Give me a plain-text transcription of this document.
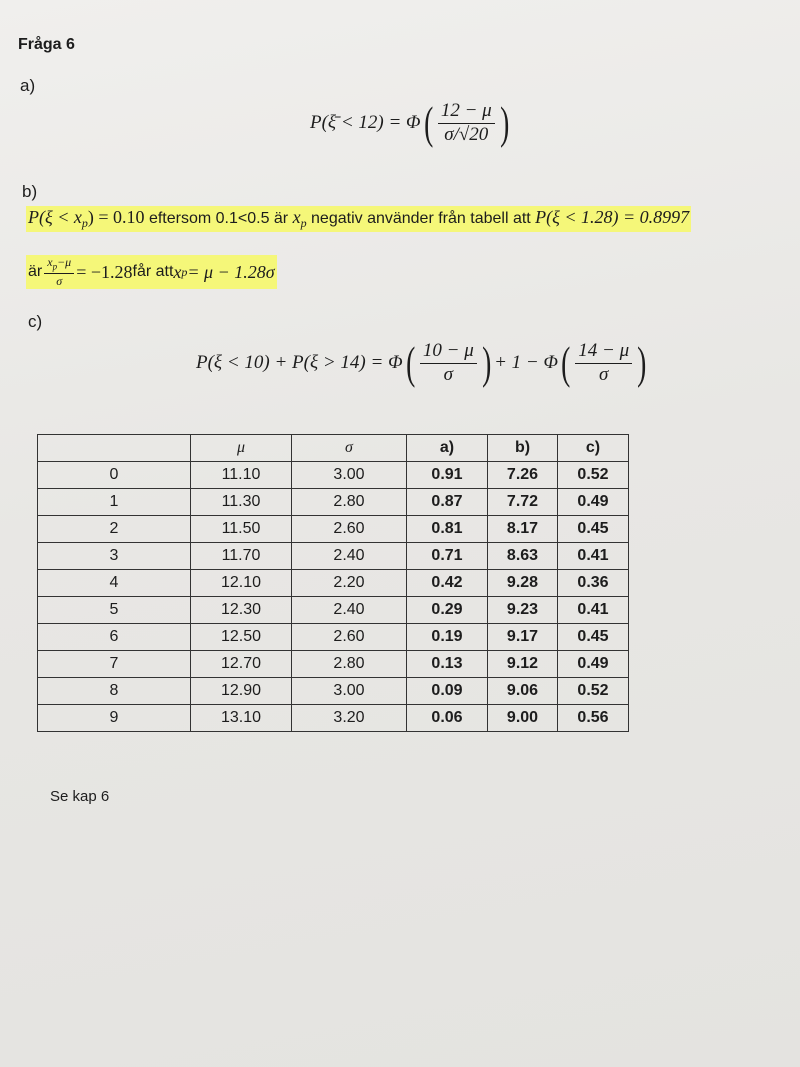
Fråga 6
a)
P(ξ̄ < 12) = Φ ( $\frac{12 - \mu}{\sigma/√20}$ )
b)
$P(\xi < x_p) = 0.10$ eftersom 0.1<0.5 är $x_p$ negativ använder från tabell att P(ξ < 1.28) = 0.8997
är $\frac{x_p-\mu}{\sigma} = -1.28$ får att x p = μ − 1.28σ
c)
P(ξ < 10) + P(ξ > 14) = Φ ( $\frac{10 - \mu}{\sigma}$ ) + 1 − Φ ( $\frac{14 - \mu}{\sigma}$ )
	μ	σ	a)	b)	c)
0	11.10	3.00	0.91	7.26	0.52
1	11.30	2.80	0.87	7.72	0.49
2	11.50	2.60	0.81	8.17	0.45
3	11.70	2.40	0.71	8.63	0.41
4	12.10	2.20	0.42	9.28	0.36
5	12.30	2.40	0.29	9.23	0.41
6	12.50	2.60	0.19	9.17	0.45
7	12.70	2.80	0.13	9.12	0.49
8	12.90	3.00	0.09	9.06	0.52
9	13.10	3.20	0.06	9.00	0.56
Se kap 6
